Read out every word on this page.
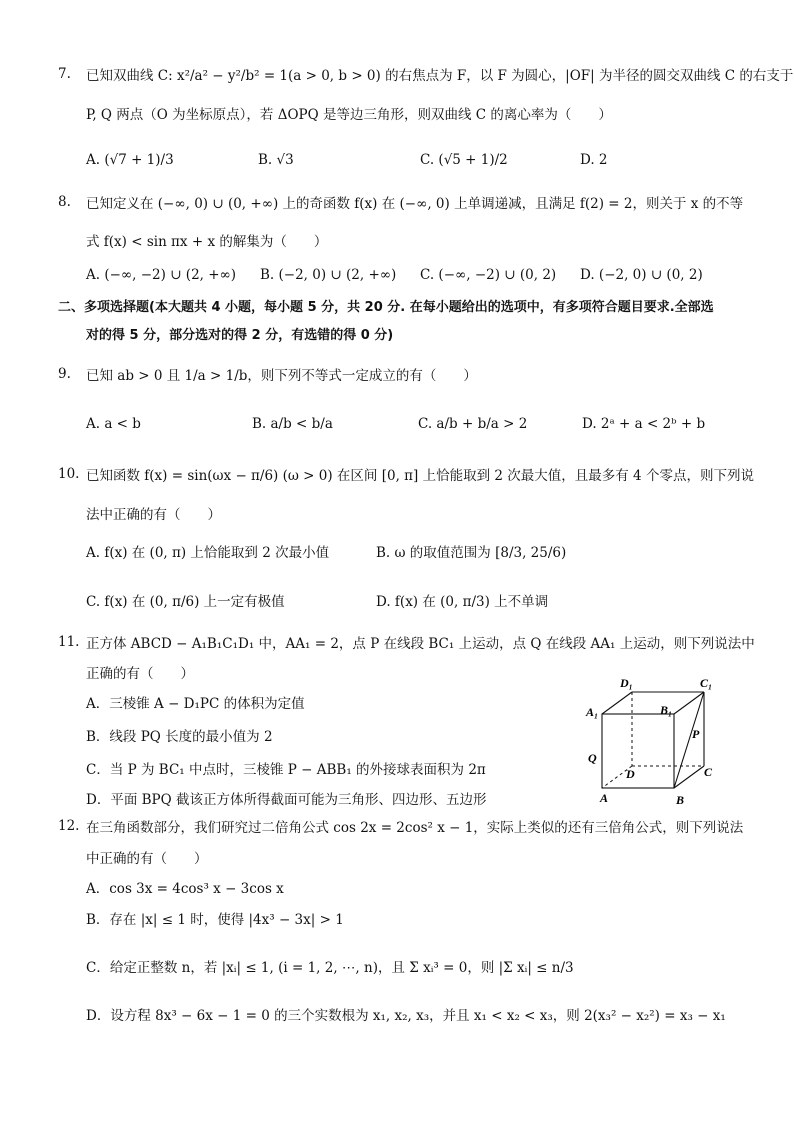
7. 已知双曲线 C: x²/a² − y²/b² = 1(a > 0, b > 0) 的右焦点为 F，以 F 为圆心，|OF| 为半径的圆交双曲线 C 的右支于
P, Q 两点（O 为坐标原点），若 ΔOPQ 是等边三角形，则双曲线 C 的离心率为（　　）
A. (√7 + 1)/3	B. √3	C. (√5 + 1)/2	D. 2
8. 已知定义在 (−∞, 0) ∪ (0, +∞) 上的奇函数 f(x) 在 (−∞, 0) 上单调递减，且满足 f(2) = 2，则关于 x 的不等
式 f(x) < sin πx + x 的解集为（　　）
A. (−∞, −2) ∪ (2, +∞) B. (−2, 0) ∪ (2, +∞) C. (−∞, −2) ∪ (0, 2) D. (−2, 0) ∪ (0, 2)
二、多项选择题(本大题共 4 小题，每小题 5 分，共 20 分. 在每小题给出的选项中，有多项符合题目要求.全部选
对的得 5 分，部分选对的得 2 分，有选错的得 0 分)
9. 已知 ab > 0 且 1/a > 1/b，则下列不等式一定成立的有（　　）
A. a < b	B. a/b < b/a	C. a/b + b/a > 2	D. 2ᵃ + a < 2ᵇ + b
10. 已知函数 f(x) = sin(ωx − π/6) (ω > 0) 在区间 [0, π] 上恰能取到 2 次最大值，且最多有 4 个零点，则下列说
法中正确的有（　　）
A. f(x) 在 (0, π) 上恰能取到 2 次最小值	B. ω 的取值范围为 [8/3, 25/6)
C. f(x) 在 (0, π/6) 上一定有极值	D. f(x) 在 (0, π/3) 上不单调
11. 正方体 ABCD − A₁B₁C₁D₁ 中，AA₁ = 2，点 P 在线段 BC₁ 上运动，点 Q 在线段 AA₁ 上运动，则下列说法中
正确的有（　　）
A．三棱锥 A − D₁PC 的体积为定值
B．线段 PQ 长度的最小值为 2
C．当 P 为 BC₁ 中点时，三棱锥 P − ABB₁ 的外接球表面积为 2π
D．平面 BPQ 截该正方体所得截面可能为三角形、四边形、五边形
D₁	C₁
A₁	B₁
P
Q
D	C
A	B
12. 在三角函数部分，我们研究过二倍角公式 cos 2x = 2cos² x − 1，实际上类似的还有三倍角公式，则下列说法
中正确的有（　　）
A．cos 3x = 4cos³ x − 3cos x
B．存在 |x| ≤ 1 时，使得 |4x³ − 3x| > 1
C．给定正整数 n，若 |xᵢ| ≤ 1, (i = 1, 2, ⋯, n)，且 Σ xᵢ³ = 0，则 |Σ xᵢ| ≤ n/3
D．设方程 8x³ − 6x − 1 = 0 的三个实数根为 x₁, x₂, x₃，并且 x₁ < x₂ < x₃，则 2(x₃² − x₂²) = x₃ − x₁
